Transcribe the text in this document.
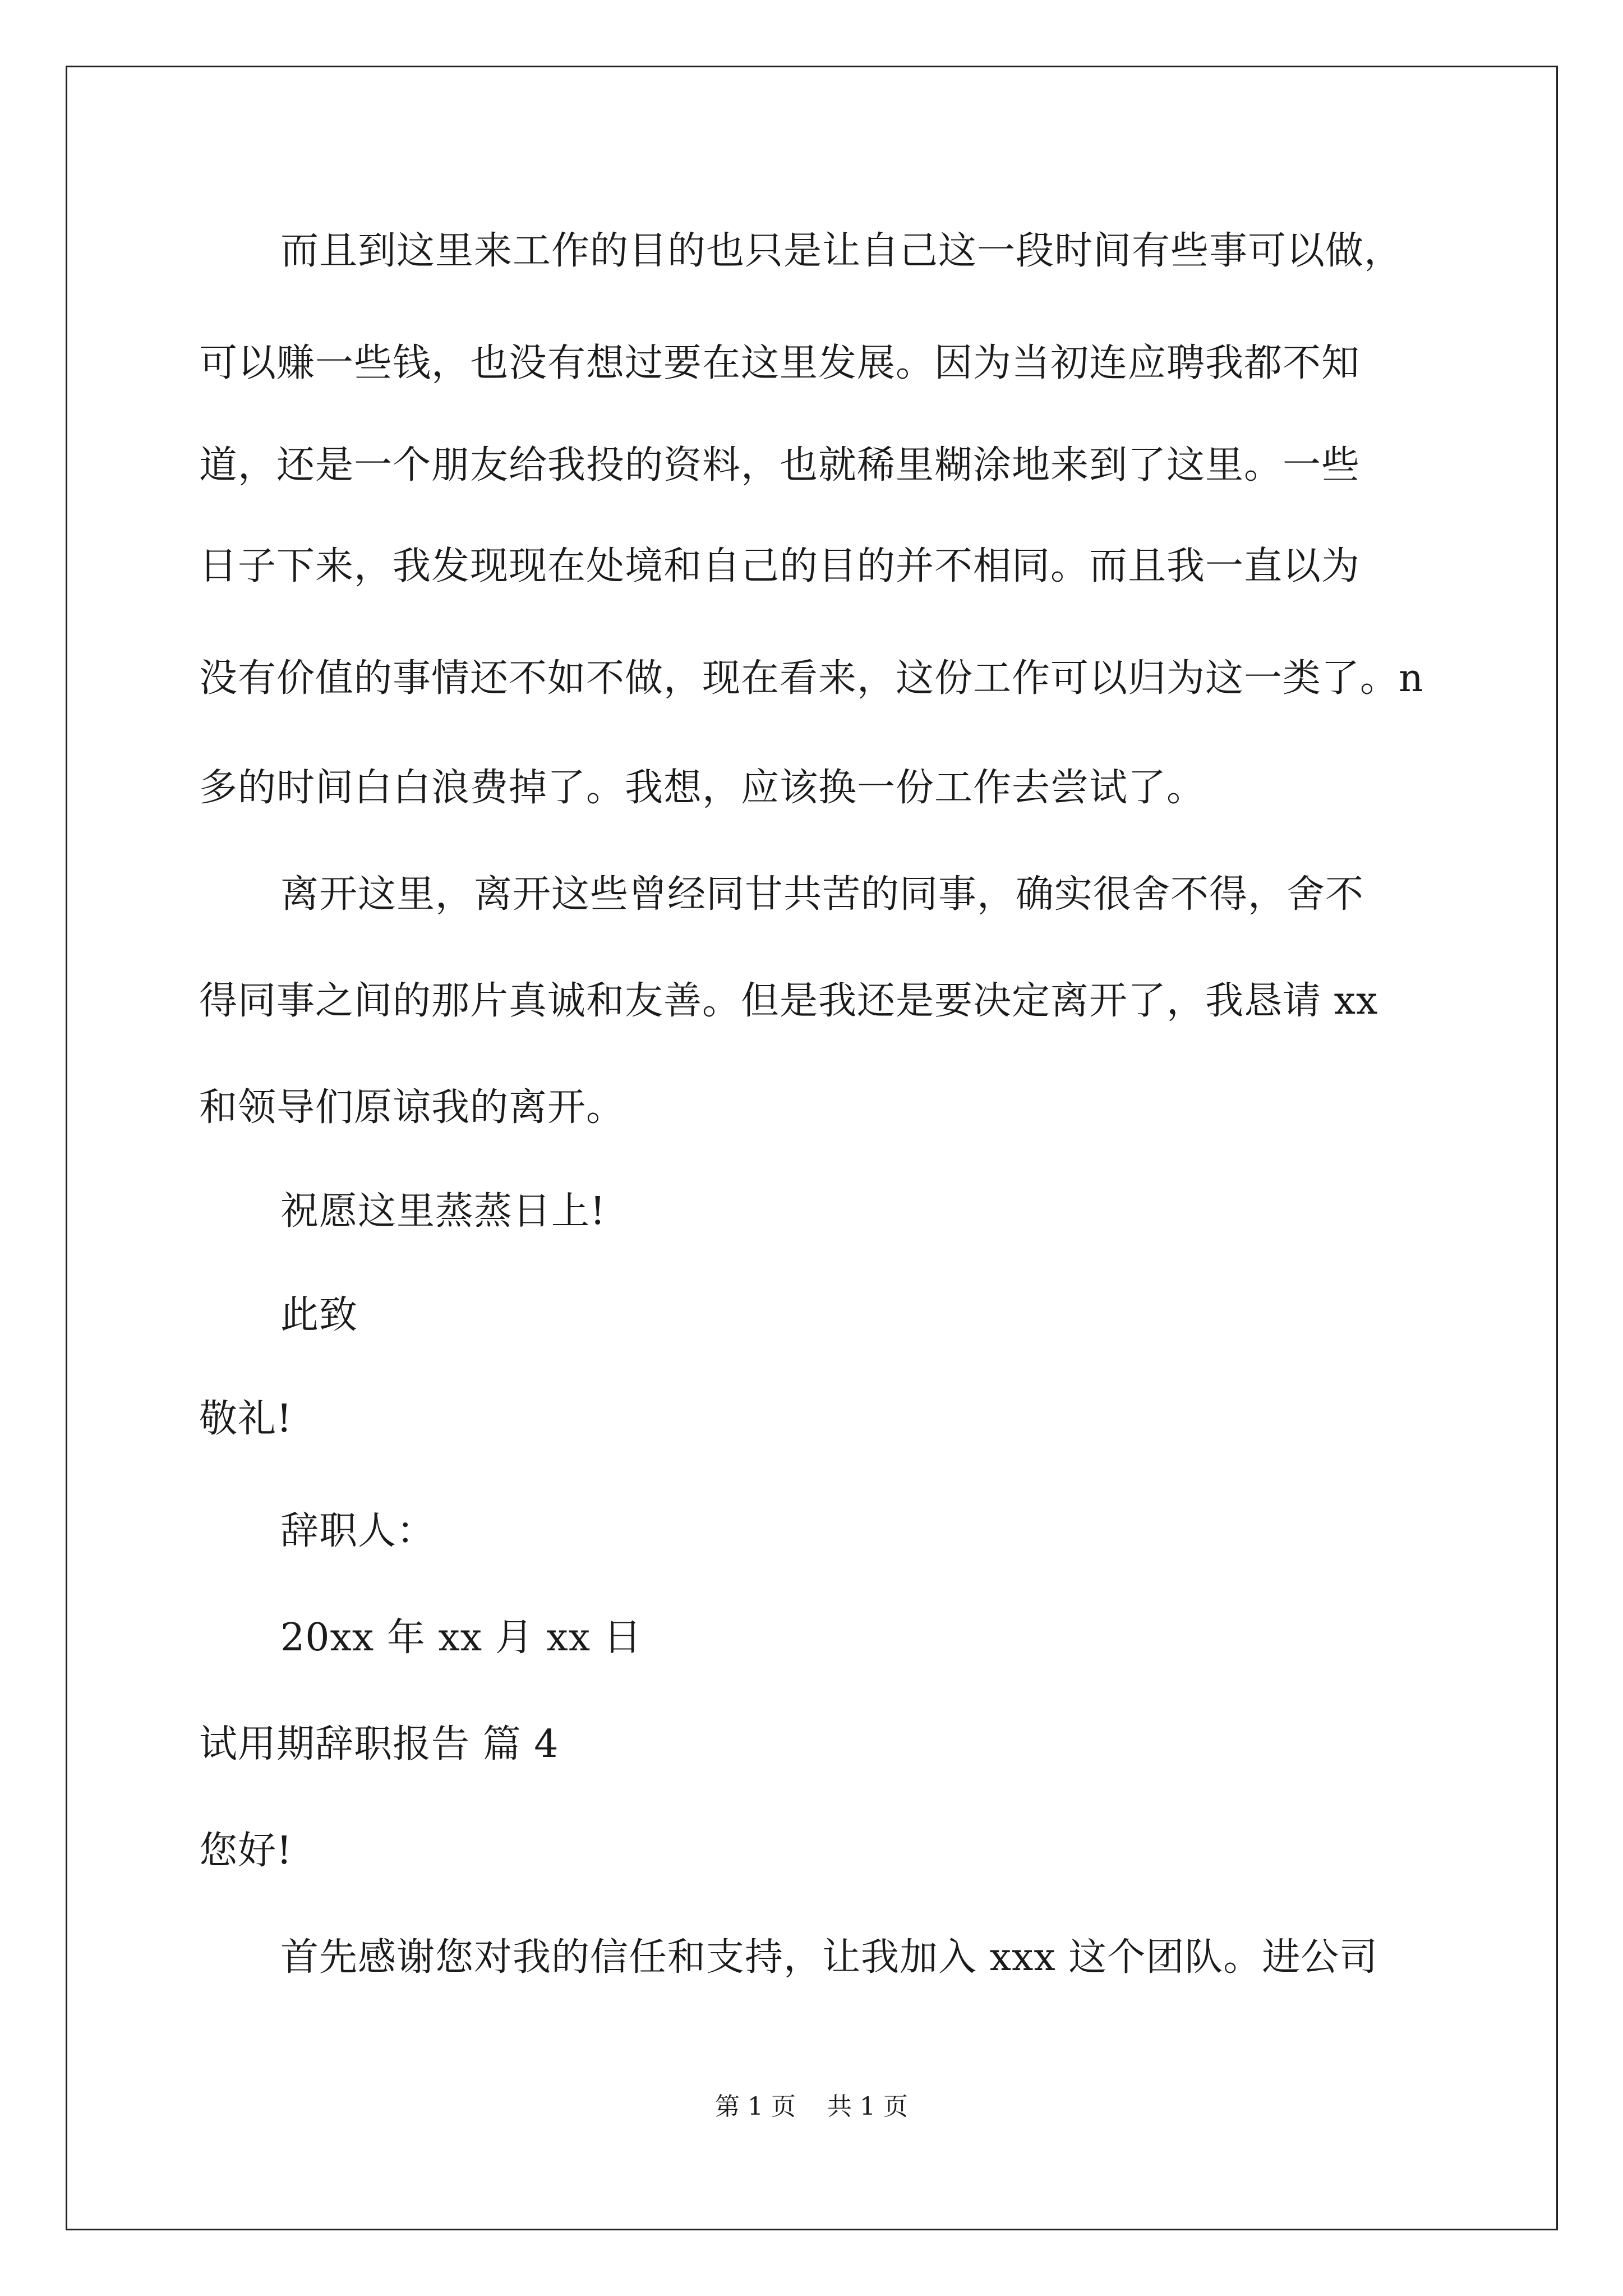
而且到这里来工作的目的也只是让自己这一段时间有些事可以做，
可以赚一些钱，也没有想过要在这里发展。因为当初连应聘我都不知
道，还是一个朋友给我投的资料，也就稀里糊涂地来到了这里。一些
日子下来，我发现现在处境和自己的目的并不相同。而且我一直以为
没有价值的事情还不如不做，现在看来，这份工作可以归为这一类了。n
多的时间白白浪费掉了。我想，应该换一份工作去尝试了。
离开这里，离开这些曾经同甘共苦的同事，确实很舍不得，舍不
得同事之间的那片真诚和友善。但是我还是要决定离开了，我恳请 xx
和领导们原谅我的离开。
祝愿这里蒸蒸日上!
此致
敬礼!
辞职人：
20xx 年 xx 月 xx 日
试用期辞职报告 篇 4
您好!
首先感谢您对我的信任和支持，让我加入 xxx 这个团队。进公司
第 1 页    共 1 页
